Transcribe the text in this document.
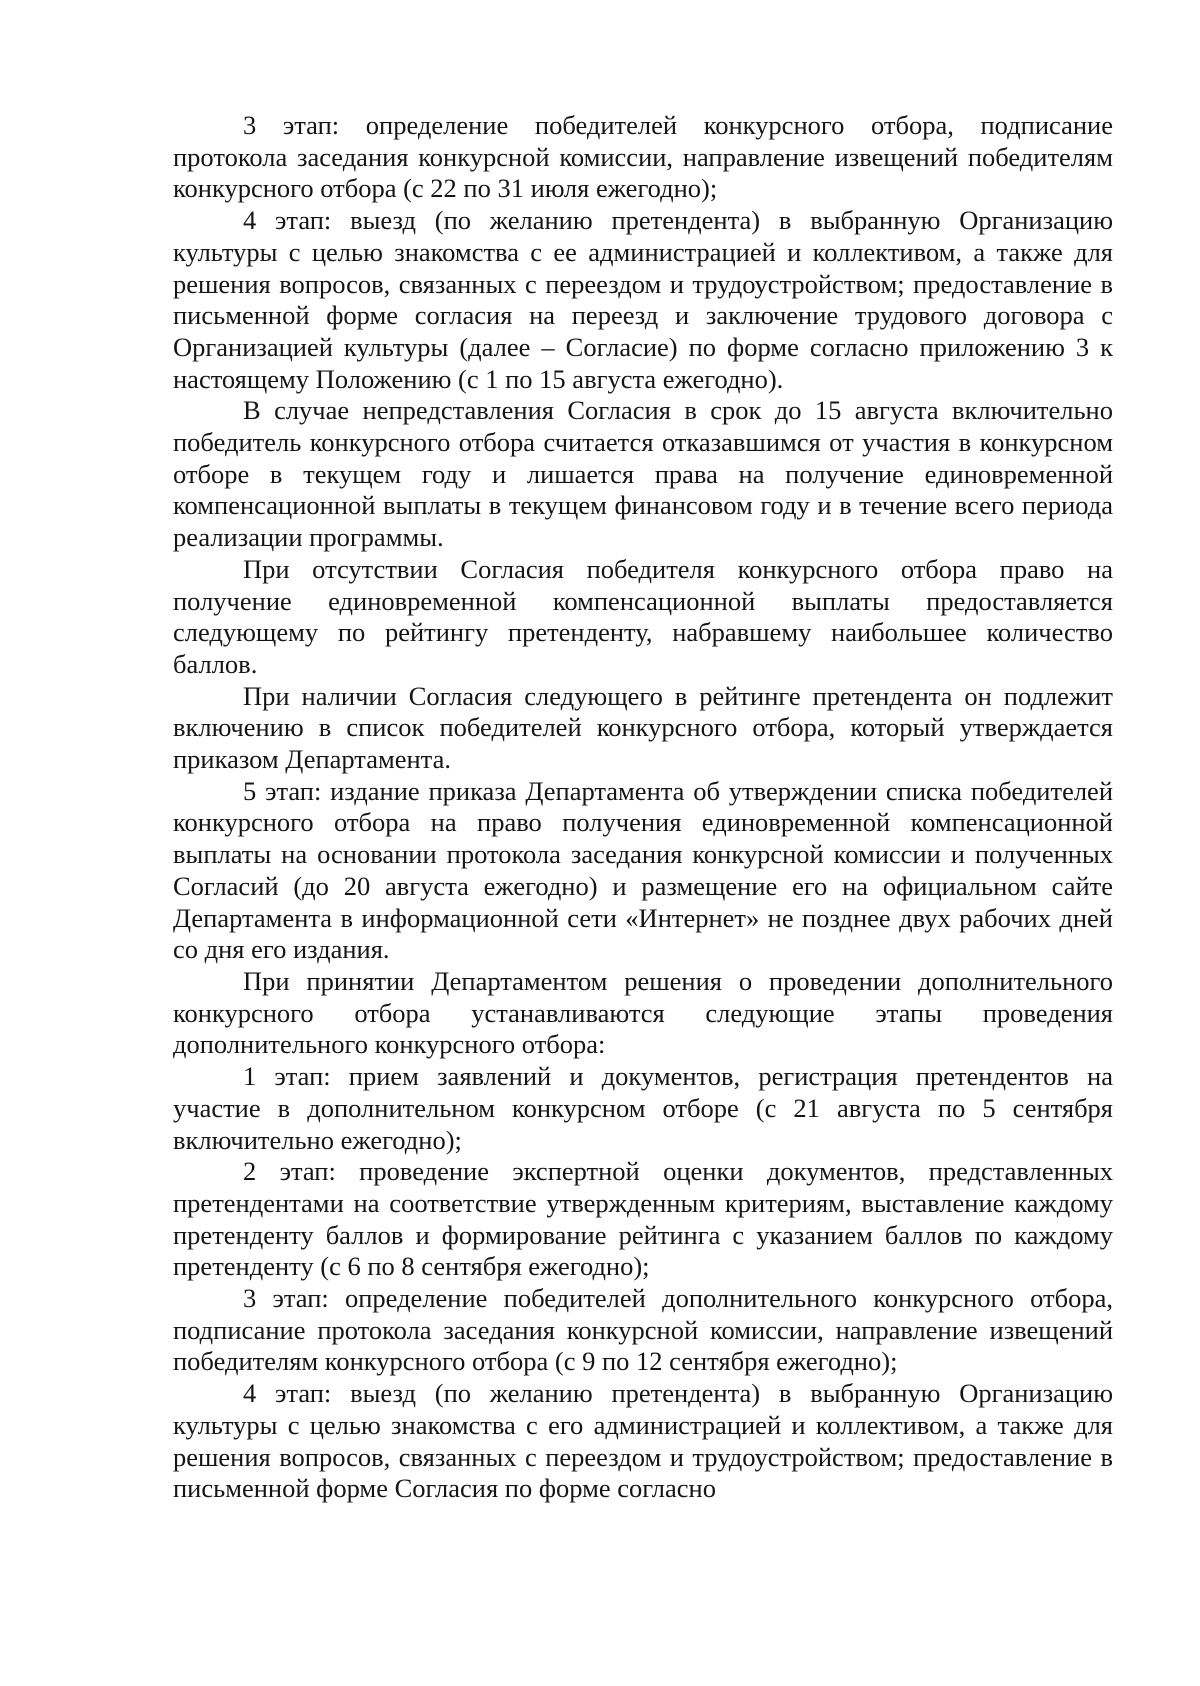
3 этап: определение победителей конкурсного отбора, подписание протокола заседания конкурсной комиссии, направление извещений победителям конкурсного отбора (с 22 по 31 июля ежегодно);

4 этап: выезд (по желанию претендента) в выбранную Организацию культуры с целью знакомства с ее администрацией и коллективом, а также для решения вопросов, связанных с переездом и трудоустройством; предоставление в письменной форме согласия на переезд и заключение трудового договора с Организацией культуры (далее – Согласие) по форме согласно приложению 3 к настоящему Положению (с 1 по 15 августа ежегодно).

В случае непредставления Согласия в срок до 15 августа включительно победитель конкурсного отбора считается отказавшимся от участия в конкурсном отборе в текущем году и лишается права на получение единовременной компенсационной выплаты в текущем финансовом году и в течение всего периода реализации программы.

При отсутствии Согласия победителя конкурсного отбора право на получение единовременной компенсационной выплаты предоставляется следующему по рейтингу претенденту, набравшему наибольшее количество баллов.

При наличии Согласия следующего в рейтинге претендента он подлежит включению в список победителей конкурсного отбора, который утверждается приказом Департамента.

5 этап: издание приказа Департамента об утверждении списка победителей конкурсного отбора на право получения единовременной компенсационной выплаты на основании протокола заседания конкурсной комиссии и полученных Согласий (до 20 августа ежегодно) и размещение его на официальном сайте Департамента в информационной сети «Интернет» не позднее двух рабочих дней со дня его издания.

При принятии Департаментом решения о проведении дополнительного конкурсного отбора устанавливаются следующие этапы проведения дополнительного конкурсного отбора:

1 этап: прием заявлений и документов, регистрация претендентов на участие в дополнительном конкурсном отборе (с 21 августа по 5 сентября включительно ежегодно);

2 этап: проведение экспертной оценки документов, представленных претендентами на соответствие утвержденным критериям, выставление каждому претенденту баллов и формирование рейтинга с указанием баллов по каждому претенденту (с 6 по 8 сентября ежегодно);

3 этап: определение победителей дополнительного конкурсного отбора, подписание протокола заседания конкурсной комиссии, направление извещений победителям конкурсного отбора (с 9 по 12 сентября ежегодно);

4 этап: выезд (по желанию претендента) в выбранную Организацию культуры с целью знакомства с его администрацией и коллективом, а также для решения вопросов, связанных с переездом и трудоустройством; предоставление в письменной форме Согласия по форме согласно
